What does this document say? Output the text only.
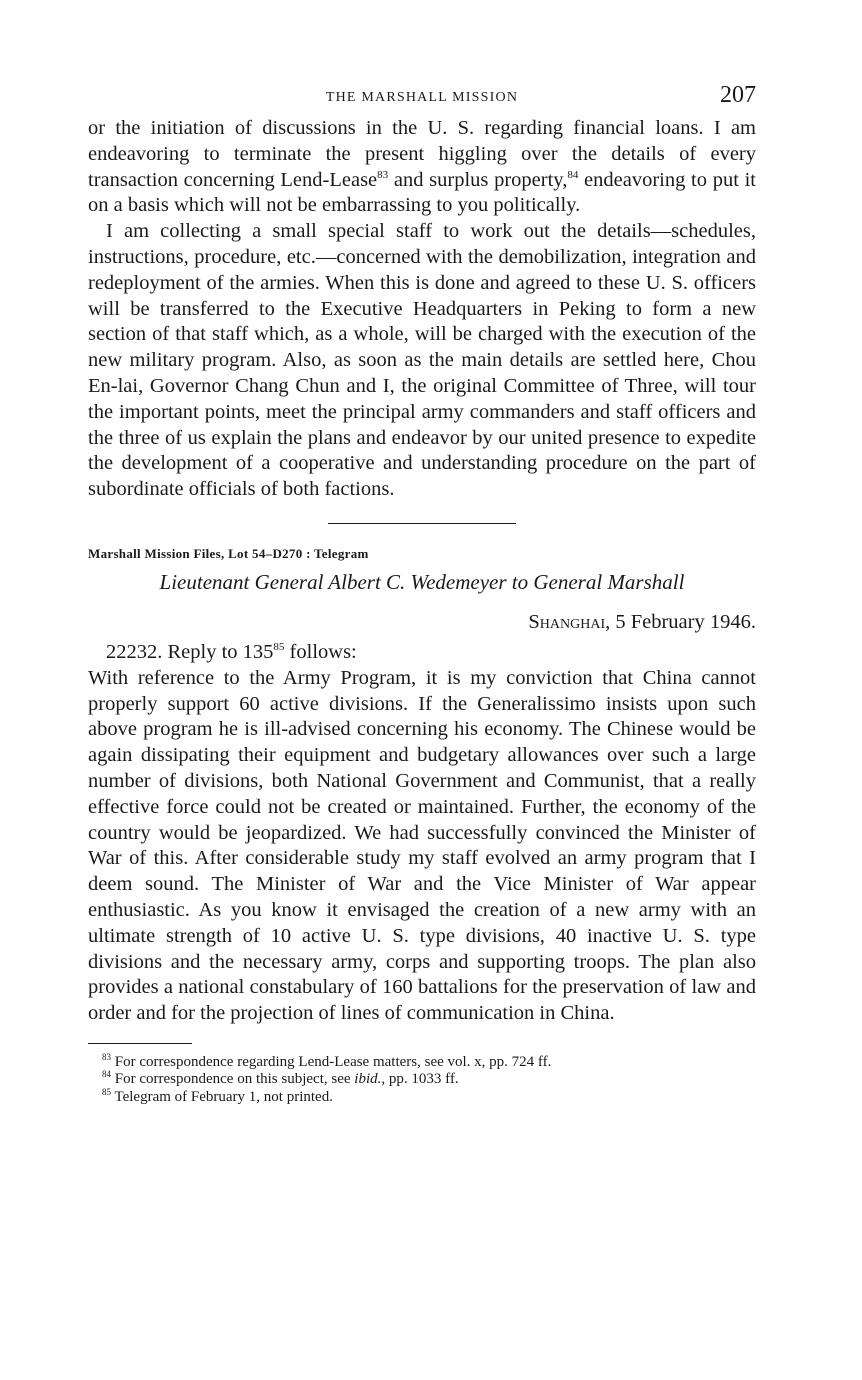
THE MARSHALL MISSION	207

or the initiation of discussions in the U. S. regarding financial loans. I am endeavoring to terminate the present higgling over the details of every transaction concerning Lend-Lease$^{83}$ and surplus property,$^{84}$ endeavoring to put it on a basis which will not be embarrassing to you politically.

I am collecting a small special staff to work out the details—schedules, instructions, procedure, etc.—concerned with the demobilization, integration and redeployment of the armies. When this is done and agreed to these U. S. officers will be transferred to the Executive Headquarters in Peking to form a new section of that staff which, as a whole, will be charged with the execution of the new military program. Also, as soon as the main details are settled here, Chou En-lai, Governor Chang Chun and I, the original Committee of Three, will tour the important points, meet the principal army commanders and staff officers and the three of us explain the plans and endeavor by our united presence to expedite the development of a cooperative and understanding procedure on the part of subordinate officials of both factions.

Marshall Mission Files, Lot 54–D270 : Telegram

Lieutenant General Albert C. Wedemeyer to General Marshall

Shanghai, 5 February 1946.

22232. Reply to 135$^{85}$ follows:

With reference to the Army Program, it is my conviction that China cannot properly support 60 active divisions. If the Generalissimo insists upon such above program he is ill-advised concerning his economy. The Chinese would be again dissipating their equipment and budgetary allowances over such a large number of divisions, both National Government and Communist, that a really effective force could not be created or maintained. Further, the economy of the country would be jeopardized. We had successfully convinced the Minister of War of this. After considerable study my staff evolved an army program that I deem sound. The Minister of War and the Vice Minister of War appear enthusiastic. As you know it envisaged the creation of a new army with an ultimate strength of 10 active U. S. type divisions, 40 inactive U. S. type divisions and the necessary army, corps and supporting troops. The plan also provides a national constabulary of 160 battalions for the preservation of law and order and for the projection of lines of communication in China.

$^{83}$ For correspondence regarding Lend-Lease matters, see vol. x, pp. 724 ff.

$^{84}$ For correspondence on this subject, see ibid., pp. 1033 ff.

$^{85}$ Telegram of February 1, not printed.
